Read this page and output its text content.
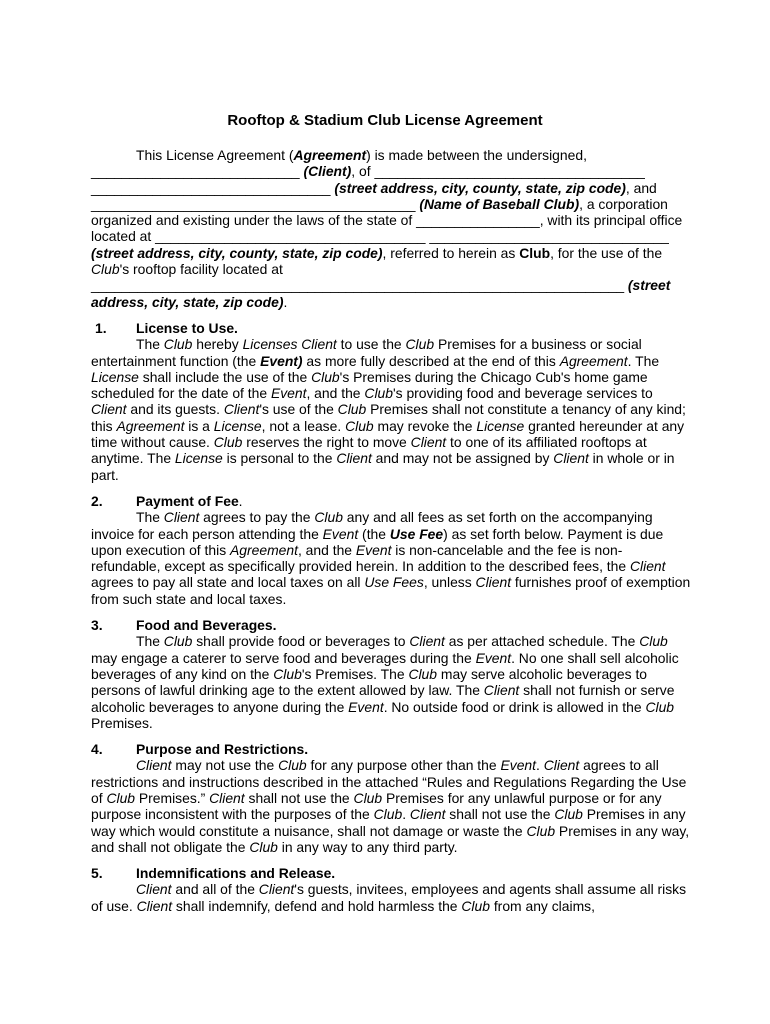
Rooftop & Stadium Club License Agreement

This License Agreement (Agreement) is made between the undersigned, ___________________________ (Client), of ___________________________________ _______________________________ (street address, city, county, state, zip code), and __________________________________________ (Name of Baseball Club), a corporation organized and existing under the laws of the state of ________________, with its principal office located at ___________________________________ _______________________________ (street address, city, county, state, zip code), referred to herein as Club, for the use of the Club's rooftop facility located at _____________________________________________________________________ (street address, city, state, zip code).

1.	License to Use.

The Club hereby Licenses Client to use the Club Premises for a business or social entertainment function (the Event) as more fully described at the end of this Agreement. The License shall include the use of the Club's Premises during the Chicago Cub's home game scheduled for the date of the Event, and the Club's providing food and beverage services to Client and its guests. Client's use of the Club Premises shall not constitute a tenancy of any kind; this Agreement is a License, not a lease. Club may revoke the License granted hereunder at any time without cause. Club reserves the right to move Client to one of its affiliated rooftops at anytime. The License is personal to the Client and may not be assigned by Client in whole or in part.

2.	Payment of Fee.

The Client agrees to pay the Club any and all fees as set forth on the accompanying invoice for each person attending the Event (the Use Fee) as set forth below. Payment is due upon execution of this Agreement, and the Event is non-cancelable and the fee is non-refundable, except as specifically provided herein. In addition to the described fees, the Client agrees to pay all state and local taxes on all Use Fees, unless Client furnishes proof of exemption from such state and local taxes.

3.	Food and Beverages.

The Club shall provide food or beverages to Client as per attached schedule. The Club may engage a caterer to serve food and beverages during the Event. No one shall sell alcoholic beverages of any kind on the Club's Premises. The Club may serve alcoholic beverages to persons of lawful drinking age to the extent allowed by law. The Client shall not furnish or serve alcoholic beverages to anyone during the Event. No outside food or drink is allowed in the Club Premises.

4.	Purpose and Restrictions.

Client may not use the Club for any purpose other than the Event. Client agrees to all restrictions and instructions described in the attached “Rules and Regulations Regarding the Use of Club Premises.” Client shall not use the Club Premises for any unlawful purpose or for any purpose inconsistent with the purposes of the Club. Client shall not use the Club Premises in any way which would constitute a nuisance, shall not damage or waste the Club Premises in any way, and shall not obligate the Club in any way to any third party.

5.	Indemnifications and Release.

Client and all of the Client's guests, invitees, employees and agents shall assume all risks of use. Client shall indemnify, defend and hold harmless the Club from any claims,
